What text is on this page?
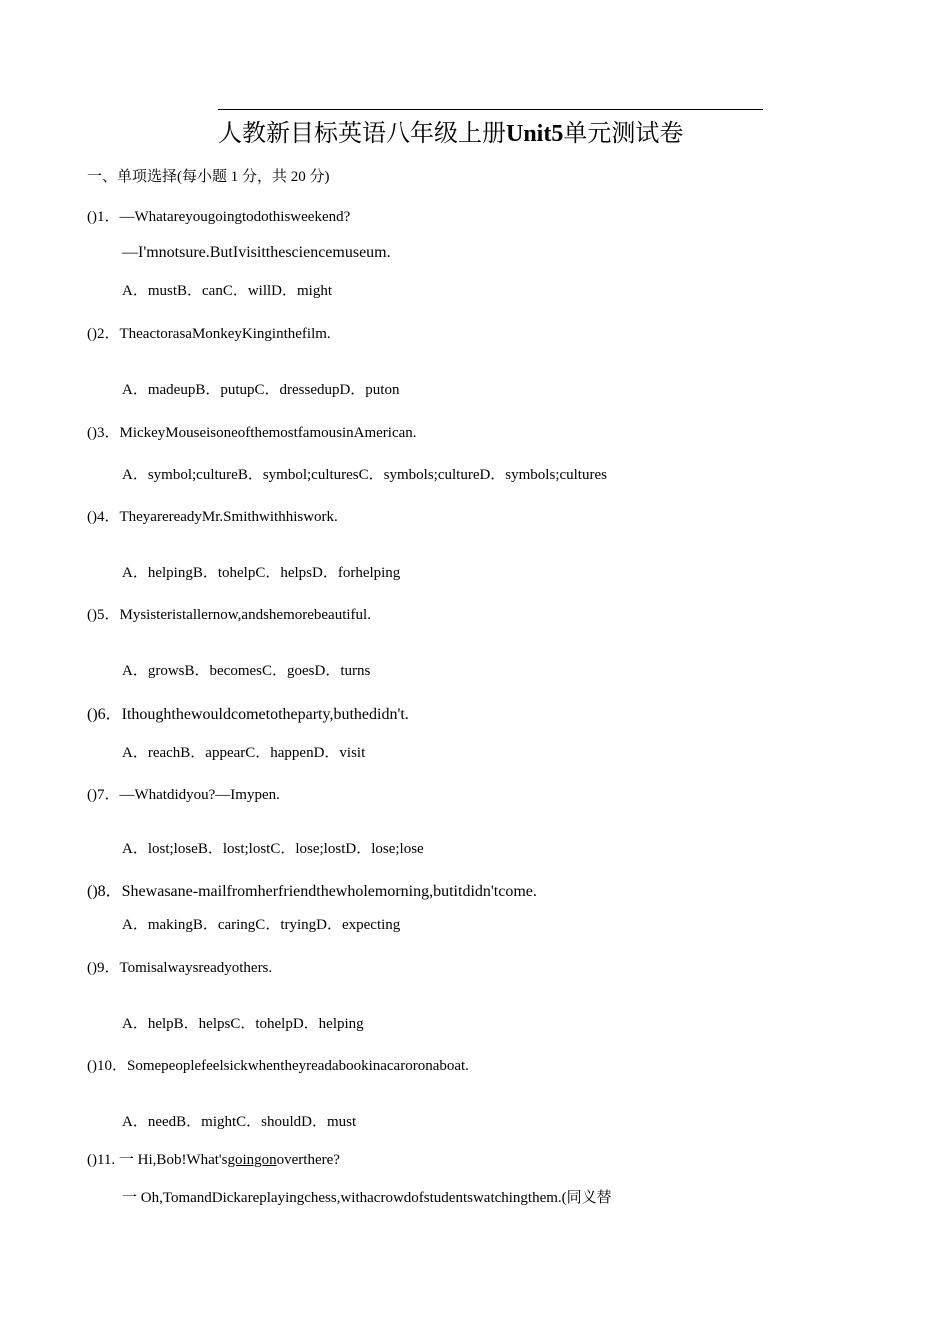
人教新目标英语八年级上册Unit5单元测试卷
一、单项选择(每小题 1 分，共 20 分)
()1．—Whatareyougoingtodothisweekend?
—I'mnotsure.ButIvisitthesciencemuseum.
A．mustB．canC．willD．might
()2．TheactorasaMonkeyKinginthefilm.
A．madeupB．putupC．dressedupD．puton
()3．MickeyMouseisoneofthemostfamousinAmerican.
A．symbol;cultureB．symbol;culturesC．symbols;cultureD．symbols;cultures
()4．TheyarereadyMr.Smithwithhiswork.
A．helpingB．tohelpC．helpsD．forhelping
()5．Mysisteristallernow,andshemorebeautiful.
A．growsB．becomesC．goesD．turns
()6．Ithoughthewouldcometotheparty,buthedidn't.
A．reachB．appearC．happenD．visit
()7．—Whatdidyou?—Imypen.
A．lost;loseB．lost;lostC．lose;lostD．lose;lose
()8．Shewasane-mailfromherfriendthewholemorning,butitdidn'tcome.
A．makingB．caringC．tryingD．expecting
()9．Tomisalwaysreadyothers.
A．helpB．helpsC．tohelpD．helping
()10．Somepeoplefeelsickwhentheyreadabookinacaroronaboat.
A．needB．mightC．shouldD．must
()11. 一 Hi,Bob!What'sgoingonoverthere?
一 Oh,TomandDickareplayingchess,withacrowdofstudentswatchingthem.(同义替
